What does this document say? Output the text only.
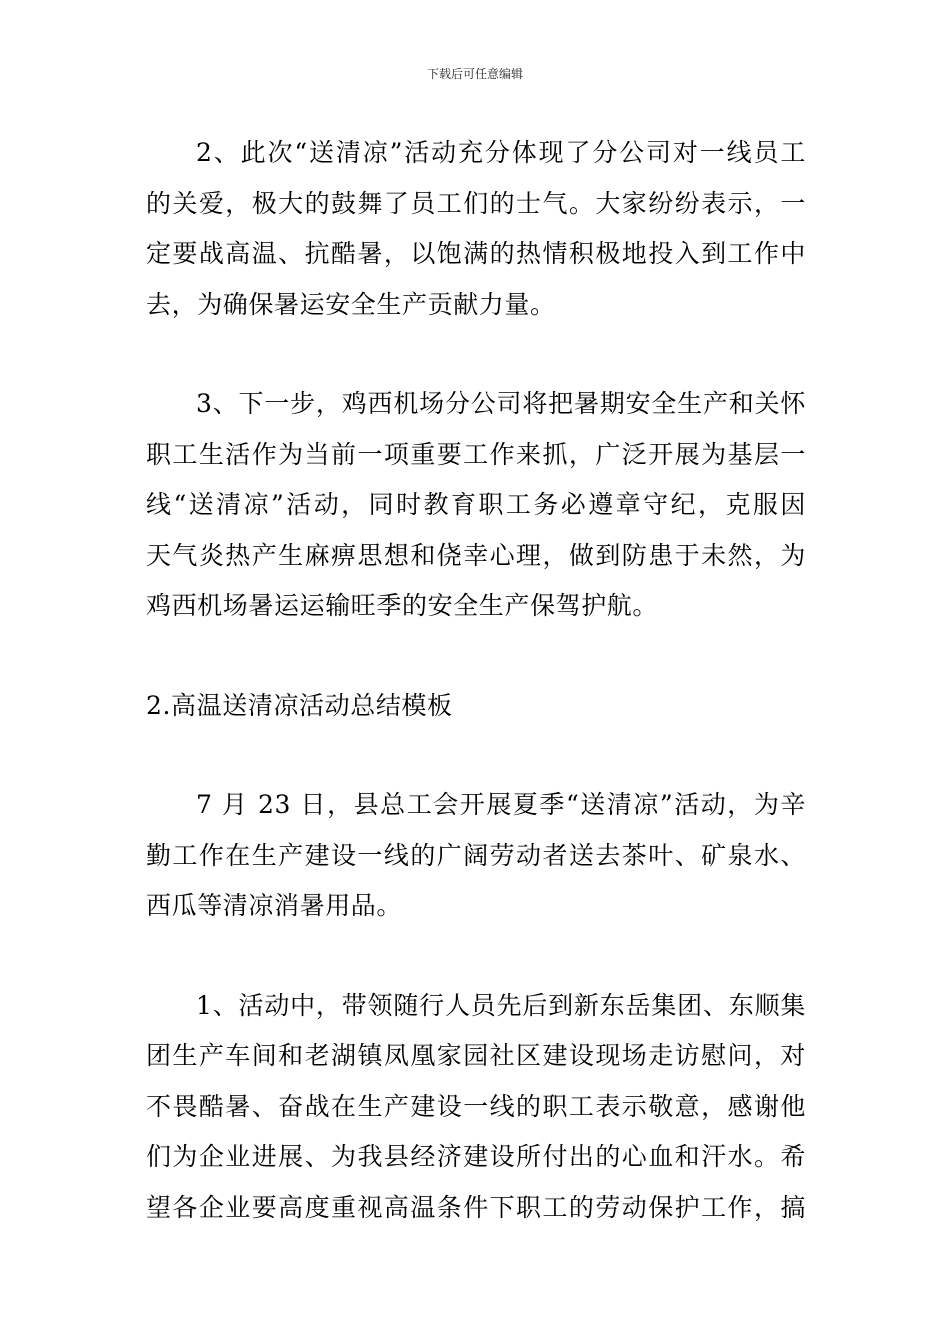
下载后可任意编辑
2、此次“送清凉”活动充分体现了分公司对一线员工
的关爱，极大的鼓舞了员工们的士气。大家纷纷表示，一
定要战高温、抗酷暑，以饱满的热情积极地投入到工作中
去，为确保暑运安全生产贡献力量。
3、下一步，鸡西机场分公司将把暑期安全生产和关怀
职工生活作为当前一项重要工作来抓，广泛开展为基层一
线“送清凉”活动，同时教育职工务必遵章守纪，克服因
天气炎热产生麻痹思想和侥幸心理，做到防患于未然，为
鸡西机场暑运运输旺季的安全生产保驾护航。
2.高温送清凉活动总结模板
7 月 23 日，县总工会开展夏季“送清凉”活动，为辛
勤工作在生产建设一线的广阔劳动者送去茶叶、矿泉水、
西瓜等清凉消暑用品。
1、活动中，带领随行人员先后到新东岳集团、东顺集
团生产车间和老湖镇凤凰家园社区建设现场走访慰问，对
不畏酷暑、奋战在生产建设一线的职工表示敬意，感谢他
们为企业进展、为我县经济建设所付出的心血和汗水。希
望各企业要高度重视高温条件下职工的劳动保护工作，搞
